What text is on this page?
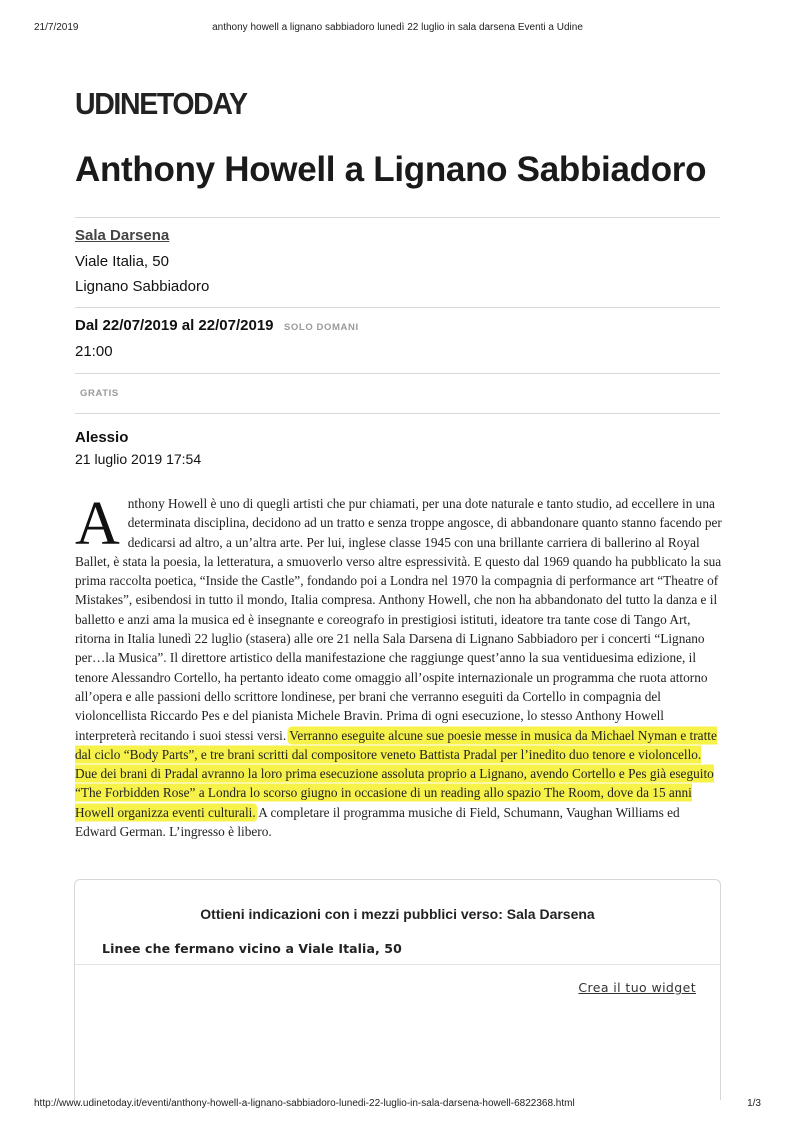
21/7/2019	anthony howell a lignano sabbiadoro lunedì 22 luglio in sala darsena Eventi a Udine
UDINETODAY
Anthony Howell a Lignano Sabbiadoro
Sala Darsena
Viale Italia, 50
Lignano Sabbiadoro
Dal 22/07/2019 al 22/07/2019 SOLO DOMANI
21:00
GRATIS
Alessio
21 luglio 2019 17:54

Anthony Howell è uno di quegli artisti che pur chiamati, per una dote naturale e tanto studio, ad eccellere in una determinata disciplina, decidono ad un tratto e senza troppe angosce, di abbandonare quanto stanno facendo per dedicarsi ad altro, a un’altra arte. Per lui, inglese classe 1945 con una brillante carriera di ballerino al Royal Ballet, è stata la poesia, la letteratura, a smuoverlo verso altre espressività. E questo dal 1969 quando ha pubblicato la sua prima raccolta poetica, “Inside the Castle”, fondando poi a Londra nel 1970 la compagnia di performance art “Theatre of Mistakes”, esibendosi in tutto il mondo, Italia compresa. Anthony Howell, che non ha abbandonato del tutto la danza e il balletto e anzi ama la musica ed è insegnante e coreografo in prestigiosi istituti, ideatore tra tante cose di Tango Art, ritorna in Italia lunedì 22 luglio (stasera) alle ore 21 nella Sala Darsena di Lignano Sabbiadoro per i concerti “Lignano per…la Musica”. Il direttore artistico della manifestazione che raggiunge quest’anno la sua ventiduesima edizione, il tenore Alessandro Cortello, ha pertanto ideato come omaggio all’ospite internazionale un programma che ruota attorno all’opera e alle passioni dello scrittore londinese, per brani che verranno eseguiti da Cortello in compagnia del violoncellista Riccardo Pes e del pianista Michele Bravin. Prima di ogni esecuzione, lo stesso Anthony Howell interpreterà recitando i suoi stessi versi. Verranno eseguite alcune sue poesie messe in musica da Michael Nyman e tratte dal ciclo “Body Parts”, e tre brani scritti dal compositore veneto Battista Pradal per l’inedito duo tenore e violoncello. Due dei brani di Pradal avranno la loro prima esecuzione assoluta proprio a Lignano, avendo Cortello e Pes già eseguito “The Forbidden Rose” a Londra lo scorso giugno in occasione di un reading allo spazio The Room, dove da 15 anni Howell organizza eventi culturali. A completare il programma musiche di Field, Schumann, Vaughan Williams ed Edward German. L’ingresso è libero.

Ottieni indicazioni con i mezzi pubblici verso: Sala Darsena
Linee che fermano vicino a Viale Italia, 50
Crea il tuo widget
http://www.udinetoday.it/eventi/anthony-howell-a-lignano-sabbiadoro-lunedi-22-luglio-in-sala-darsena-howell-6822368.html	1/3
